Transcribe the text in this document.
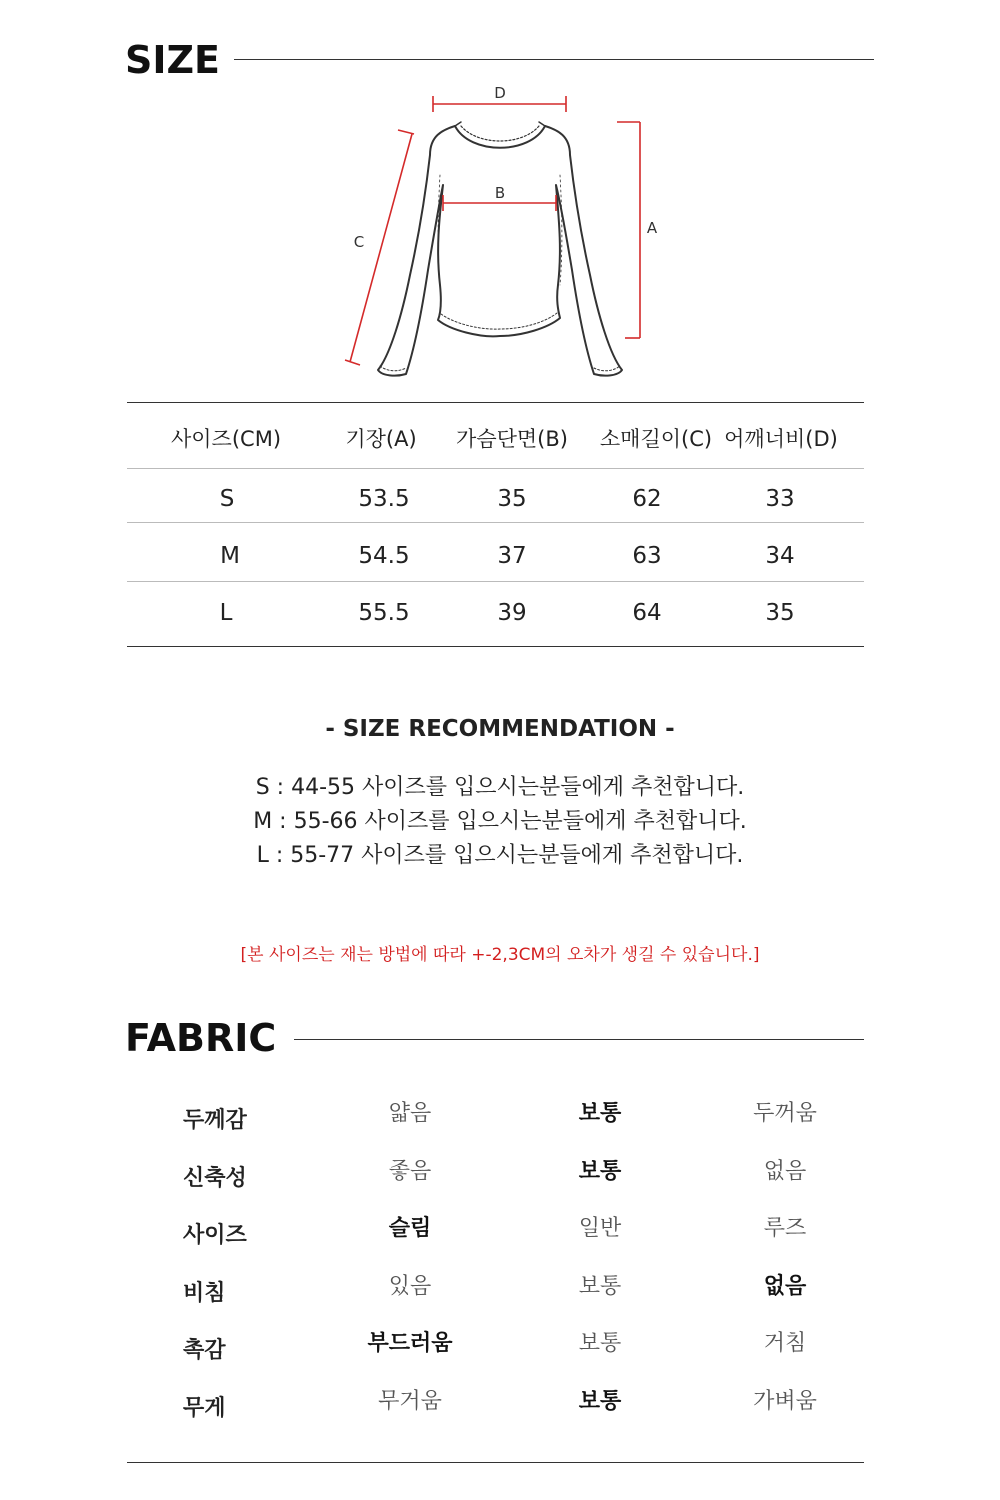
SIZE
D
B
A
C
사이즈(CM)	기장(A)	가슴단면(B)	소매길이(C) 어깨너비(D)
S	53.5	35	62	33
M	54.5	37	63	34
L	55.5	39	64	35
- SIZE RECOMMENDATION -
S : 44-55 사이즈를 입으시는분들에게 추천합니다.
M : 55-66 사이즈를 입으시는분들에게 추천합니다.
L : 55-77 사이즈를 입으시는분들에게 추천합니다.
[본 사이즈는 재는 방법에 따라 +-2,3CM의 오차가 생길 수 있습니다.]
FABRIC
두께감	얇음	보통	두꺼움
신축성	좋음	보통	없음
사이즈	슬림	일반	루즈
비침	있음	보통	없음
촉감	부드러움	보통	거침
무게	무거움	보통	가벼움
